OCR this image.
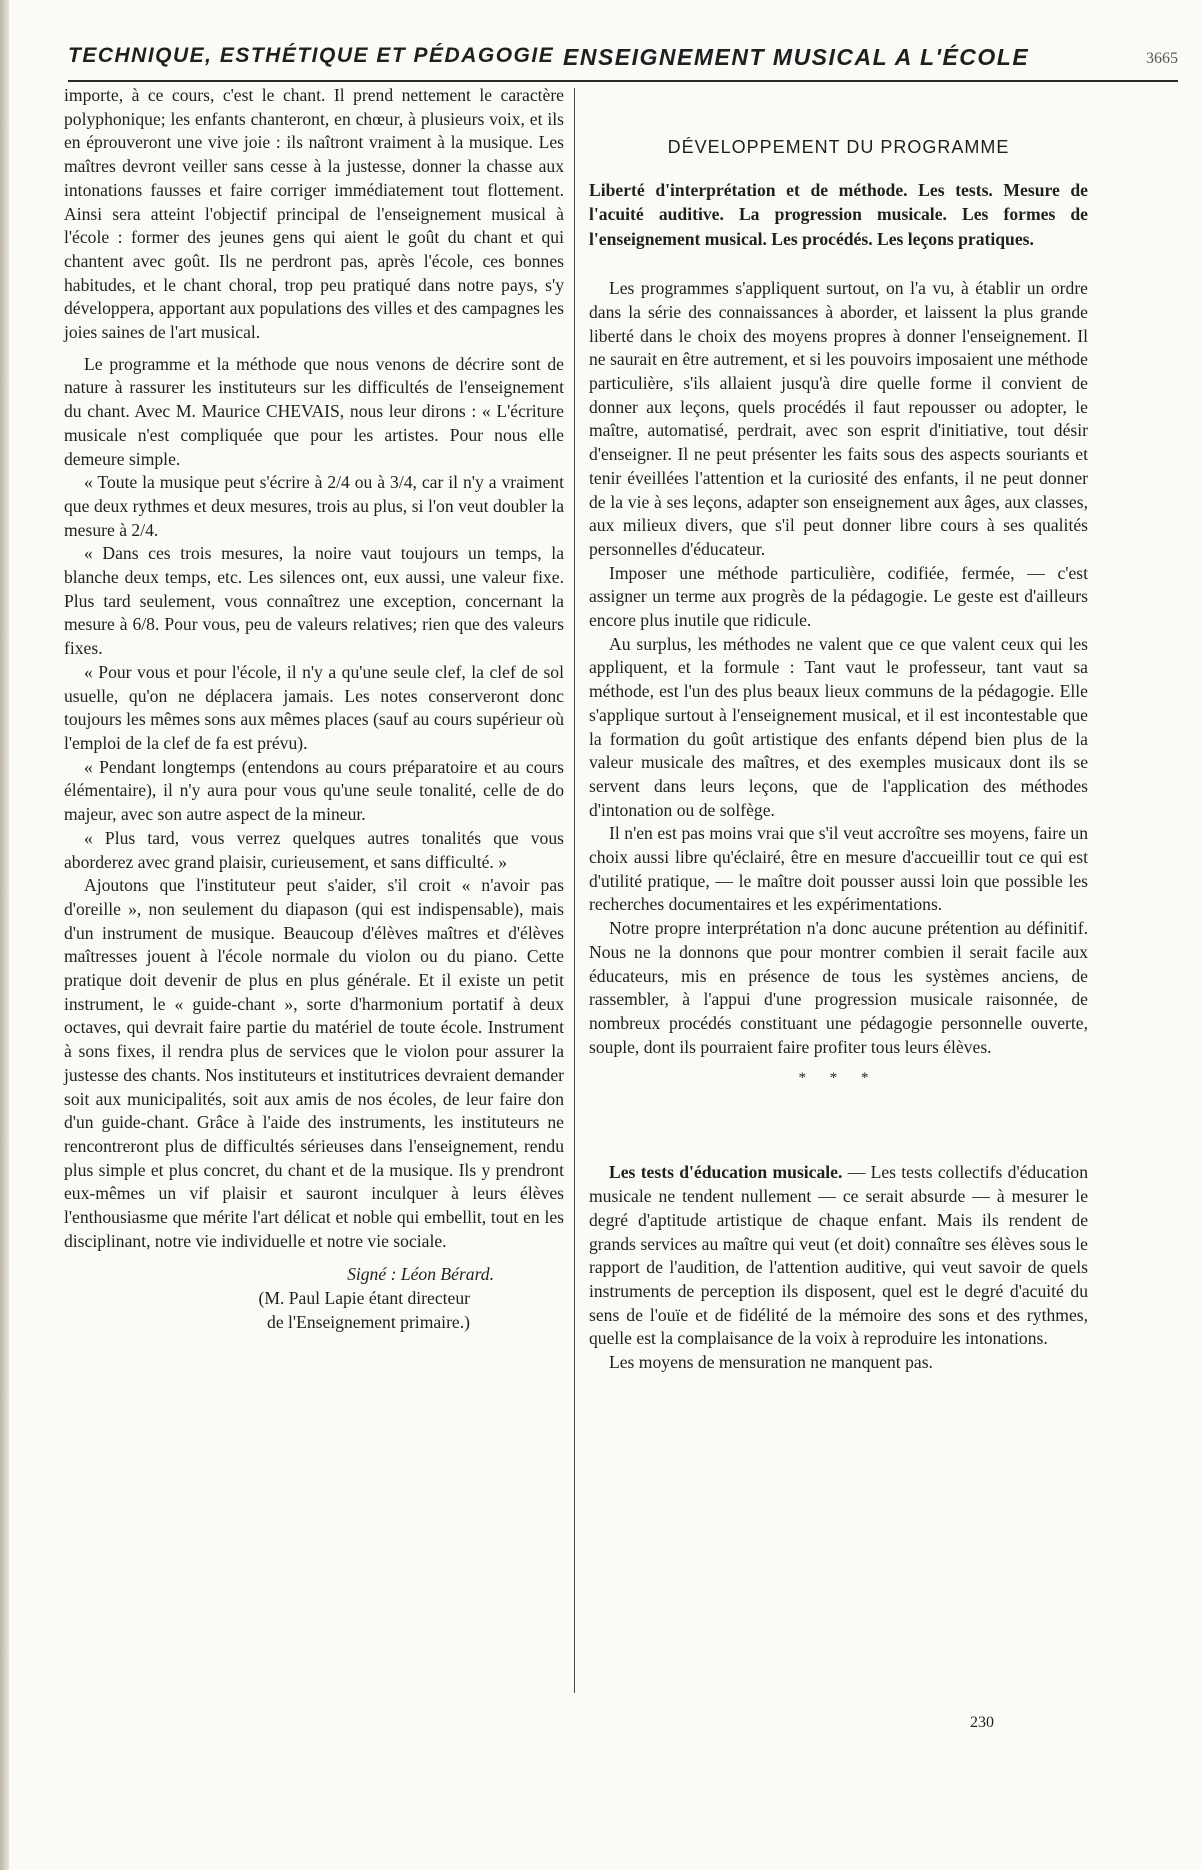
TECHNIQUE, ESTHÉTIQUE ET PÉDAGOGIE ENSEIGNEMENT MUSICAL A L'ÉCOLE	3665

importe, à ce cours, c'est le chant. Il prend nettement le caractère polyphonique; les enfants chanteront, en chœur, à plusieurs voix, et ils en éprouveront une vive joie : ils naîtront vraiment à la musique. Les maîtres devront veiller sans cesse à la justesse, donner la chasse aux intonations fausses et faire corriger immédiatement tout flottement. Ainsi sera atteint l'objectif principal de l'enseignement musical à l'école : former des jeunes gens qui aient le goût du chant et qui chantent avec goût. Ils ne perdront pas, après l'école, ces bonnes habitudes, et le chant choral, trop peu pratiqué dans notre pays, s'y développera, apportant aux populations des villes et des campagnes les joies saines de l'art musical.

Le programme et la méthode que nous venons de décrire sont de nature à rassurer les instituteurs sur les difficultés de l'enseignement du chant. Avec M. Maurice CHEVAIS, nous leur dirons : « L'écriture musicale n'est compliquée que pour les artistes. Pour nous elle demeure simple.

« Toute la musique peut s'écrire à 2/4 ou à 3/4, car il n'y a vraiment que deux rythmes et deux mesures, trois au plus, si l'on veut doubler la mesure à 2/4.

« Dans ces trois mesures, la noire vaut toujours un temps, la blanche deux temps, etc. Les silences ont, eux aussi, une valeur fixe. Plus tard seulement, vous connaîtrez une exception, concernant la mesure à 6/8. Pour vous, peu de valeurs relatives; rien que des valeurs fixes.

« Pour vous et pour l'école, il n'y a qu'une seule clef, la clef de sol usuelle, qu'on ne déplacera jamais. Les notes conserveront donc toujours les mêmes sons aux mêmes places (sauf au cours supérieur où l'emploi de la clef de fa est prévu).

« Pendant longtemps (entendons au cours préparatoire et au cours élémentaire), il n'y aura pour vous qu'une seule tonalité, celle de do majeur, avec son autre aspect de la mineur.

« Plus tard, vous verrez quelques autres tonalités que vous aborderez avec grand plaisir, curieusement, et sans difficulté. »

Ajoutons que l'instituteur peut s'aider, s'il croit « n'avoir pas d'oreille », non seulement du diapason (qui est indispensable), mais d'un instrument de musique. Beaucoup d'élèves maîtres et d'élèves maîtresses jouent à l'école normale du violon ou du piano. Cette pratique doit devenir de plus en plus générale. Et il existe un petit instrument, le « guide-chant », sorte d'harmonium portatif à deux octaves, qui devrait faire partie du matériel de toute école. Instrument à sons fixes, il rendra plus de services que le violon pour assurer la justesse des chants. Nos instituteurs et institutrices devraient demander soit aux municipalités, soit aux amis de nos écoles, de leur faire don d'un guide-chant. Grâce à l'aide des instruments, les instituteurs ne rencontreront plus de difficultés sérieuses dans l'enseignement, rendu plus simple et plus concret, du chant et de la musique. Ils y prendront eux-mêmes un vif plaisir et sauront inculquer à leurs élèves l'enthousiasme que mérite l'art délicat et noble qui embellit, tout en les disciplinant, notre vie individuelle et notre vie sociale.

Signé : Léon Bérard.

(M. Paul Lapie étant directeur

de l'Enseignement primaire.)

DÉVELOPPEMENT DU PROGRAMME

Liberté d'interprétation et de méthode. Les tests. Mesure de l'acuité auditive. La progression musicale. Les formes de l'enseignement musical. Les procédés. Les leçons pratiques.

Les programmes s'appliquent surtout, on l'a vu, à établir un ordre dans la série des connaissances à aborder, et laissent la plus grande liberté dans le choix des moyens propres à donner l'enseignement. Il ne saurait en être autrement, et si les pouvoirs imposaient une méthode particulière, s'ils allaient jusqu'à dire quelle forme il convient de donner aux leçons, quels procédés il faut repousser ou adopter, le maître, automatisé, perdrait, avec son esprit d'initiative, tout désir d'enseigner. Il ne peut présenter les faits sous des aspects souriants et tenir éveillées l'attention et la curiosité des enfants, il ne peut donner de la vie à ses leçons, adapter son enseignement aux âges, aux classes, aux milieux divers, que s'il peut donner libre cours à ses qualités personnelles d'éducateur.

Imposer une méthode particulière, codifiée, fermée, — c'est assigner un terme aux progrès de la pédagogie. Le geste est d'ailleurs encore plus inutile que ridicule.

Au surplus, les méthodes ne valent que ce que valent ceux qui les appliquent, et la formule : Tant vaut le professeur, tant vaut sa méthode, est l'un des plus beaux lieux communs de la pédagogie. Elle s'applique surtout à l'enseignement musical, et il est incontestable que la formation du goût artistique des enfants dépend bien plus de la valeur musicale des maîtres, et des exemples musicaux dont ils se servent dans leurs leçons, que de l'application des méthodes d'intonation ou de solfège.

Il n'en est pas moins vrai que s'il veut accroître ses moyens, faire un choix aussi libre qu'éclairé, être en mesure d'accueillir tout ce qui est d'utilité pratique, — le maître doit pousser aussi loin que possible les recherches documentaires et les expérimentations.

Notre propre interprétation n'a donc aucune prétention au définitif. Nous ne la donnons que pour montrer combien il serait facile aux éducateurs, mis en présence de tous les systèmes anciens, de rassembler, à l'appui d'une progression musicale raisonnée, de nombreux procédés constituant une pédagogie personnelle ouverte, souple, dont ils pourraient faire profiter tous leurs élèves.

* * *

Les tests d'éducation musicale. — Les tests collectifs d'éducation musicale ne tendent nullement — ce serait absurde — à mesurer le degré d'aptitude artistique de chaque enfant. Mais ils rendent de grands services au maître qui veut (et doit) connaître ses élèves sous le rapport de l'audition, de l'attention auditive, qui veut savoir de quels instruments de perception ils disposent, quel est le degré d'acuité du sens de l'ouïe et de fidélité de la mémoire des sons et des rythmes, quelle est la complaisance de la voix à reproduire les intonations.

Les moyens de mensuration ne manquent pas.

230
